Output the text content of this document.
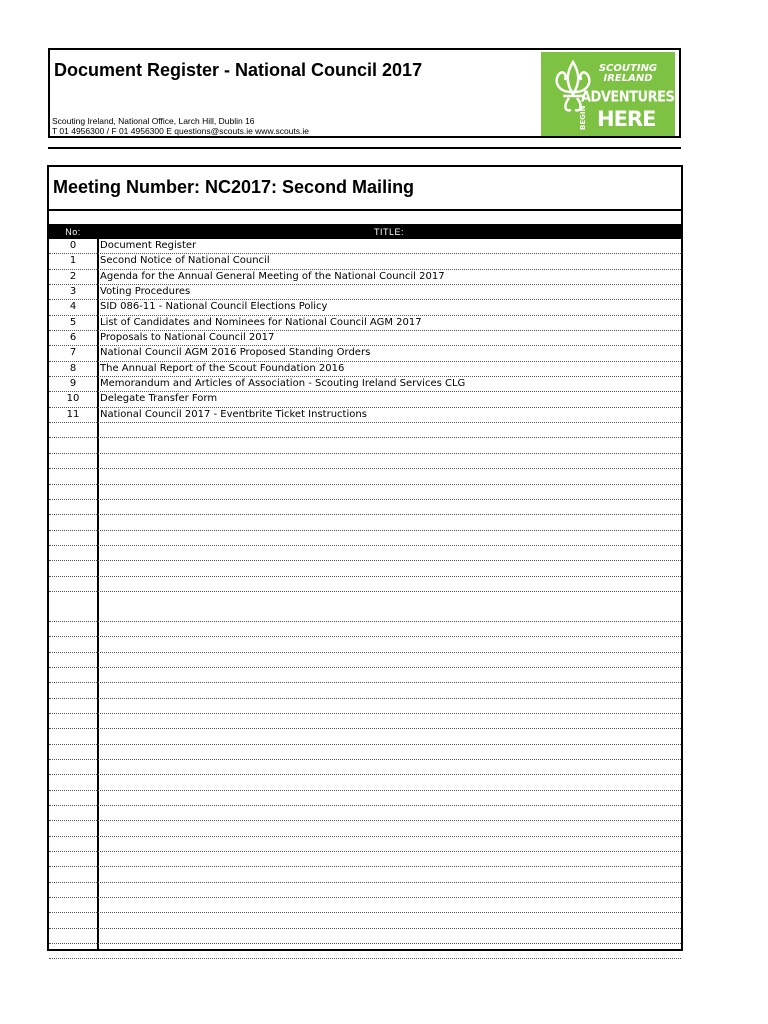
Document Register - National Council 2017
Scouting Ireland, National Office, Larch Hill, Dublin 16
T 01 4956300 / F 01 4956300 E questions@scouts.ie www.scouts.ie
SCOUTING
IRELAND
ADVENTURES
BEGIN HERE
Meeting Number: NC2017: Second Mailing
No:	TITLE:
0	Document Register
1	Second Notice of National Council
2	Agenda for the Annual General Meeting of the National Council 2017
3	Voting Procedures
4	SID 086-11 - National Council Elections Policy
5	List of Candidates and Nominees for National Council AGM 2017
6	Proposals to National Council 2017
7	National Council AGM 2016 Proposed Standing Orders
8	The Annual Report of the Scout Foundation 2016
9	Memorandum and Articles of Association - Scouting Ireland Services CLG
10	Delegate Transfer Form
11	National Council 2017 - Eventbrite Ticket Instructions
